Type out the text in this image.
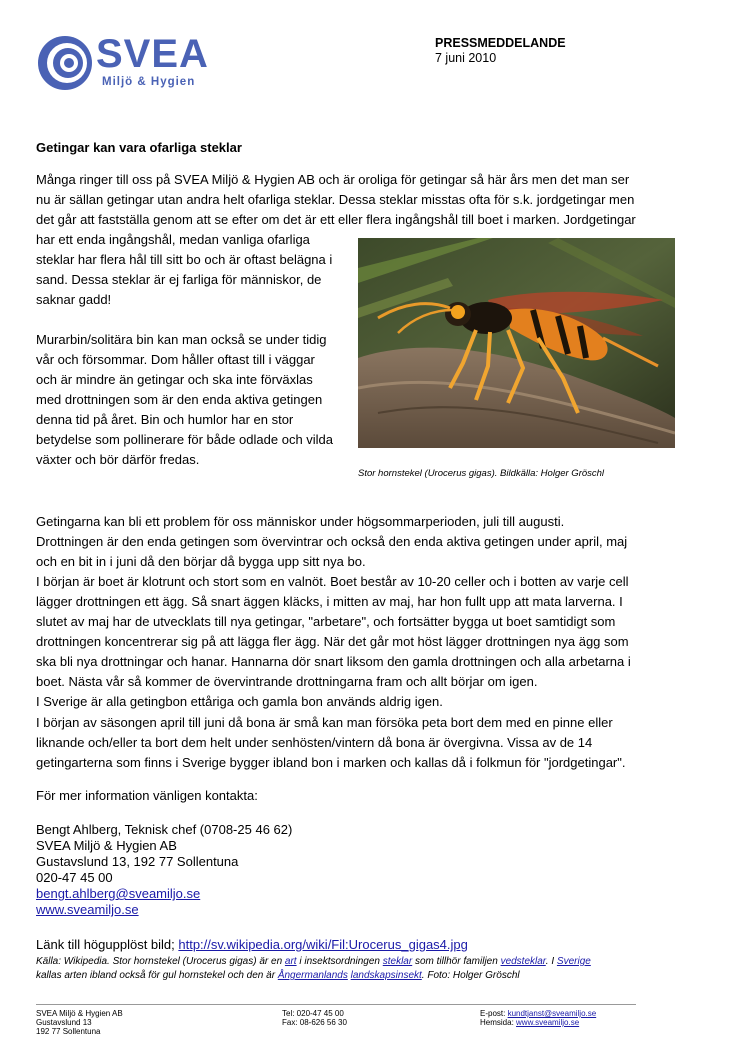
SVEA
Miljö & Hygien
PRESSMEDDELANDE
7 juni 2010
Getingar kan vara ofarliga steklar

Många ringer till oss på SVEA Miljö & Hygien AB och är oroliga för getingar så här års men det man ser

nu är sällan getingar utan andra helt ofarliga steklar. Dessa steklar misstas ofta för s.k. jordgetingar men

det går att fastställa genom att se efter om det är ett eller flera ingångshål till boet i marken. Jordgetingar

har ett enda ingångshål, medan vanliga ofarliga

steklar har flera hål till sitt bo och är oftast belägna i

sand. Dessa steklar är ej farliga för människor, de

saknar gadd!

Murarbin/solitära bin kan man också se under tidig

vår och försommar. Dom håller oftast till i väggar

och är mindre än getingar och ska inte förväxlas

med drottningen som är den enda aktiva getingen

denna tid på året. Bin och humlor har en stor

betydelse som pollinerare för både odlade och vilda

växter och bör därför fredas.

Stor hornstekel (Urocerus gigas). Bildkälla: Holger Gröschl

Getingarna kan bli ett problem för oss människor under högsommarperioden, juli till augusti.

Drottningen är den enda getingen som övervintrar och också den enda aktiva getingen under april, maj

och en bit in i juni då den börjar då bygga upp sitt nya bo.

I början är boet är klotrunt och stort som en valnöt. Boet består av 10-20 celler och i botten av varje cell

lägger drottningen ett ägg. Så snart äggen kläcks, i mitten av maj, har hon fullt upp att mata larverna. I

slutet av maj har de utvecklats till nya getingar, "arbetare", och fortsätter bygga ut boet samtidigt som

drottningen koncentrerar sig på att lägga fler ägg. När det går mot höst lägger drottningen nya ägg som

ska bli nya drottningar och hanar. Hannarna dör snart liksom den gamla drottningen och alla arbetarna i

boet. Nästa vår så kommer de övervintrande drottningarna fram och allt börjar om igen.

I Sverige är alla getingbon ettåriga och gamla bon används aldrig igen.

I början av säsongen april till juni då bona är små kan man försöka peta bort dem med en pinne eller

liknande och/eller ta bort dem helt under senhösten/vintern då bona är övergivna. Vissa av de 14

getingarterna som finns i Sverige bygger ibland bon i marken och kallas då i folkmun för "jordgetingar".

För mer information vänligen kontakta:

Bengt Ahlberg, Teknisk chef (0708-25 46 62)

SVEA Miljö & Hygien AB

Gustavslund 13, 192 77 Sollentuna

020-47 45 00

bengt.ahlberg@sveamiljo.se

www.sveamiljo.se

Länk till högupplöst bild; http://sv.wikipedia.org/wiki/Fil:Urocerus_gigas4.jpg
Källa: Wikipedia. Stor hornstekel (Urocerus gigas) är en art i insektsordningen steklar som tillhör familjen vedsteklar. I Sverige
kallas arten ibland också för gul hornstekel och den är Ångermanlands landskapsinsekt. Foto: Holger Gröschl
SVEA Miljö & Hygien AB
Gustavslund 13
192 77 Sollentuna
Tel: 020-47 45 00
Fax: 08-626 56 30
E-post: kundtjanst@sveamiljo.se
Hemsida: www.sveamiljo.se
